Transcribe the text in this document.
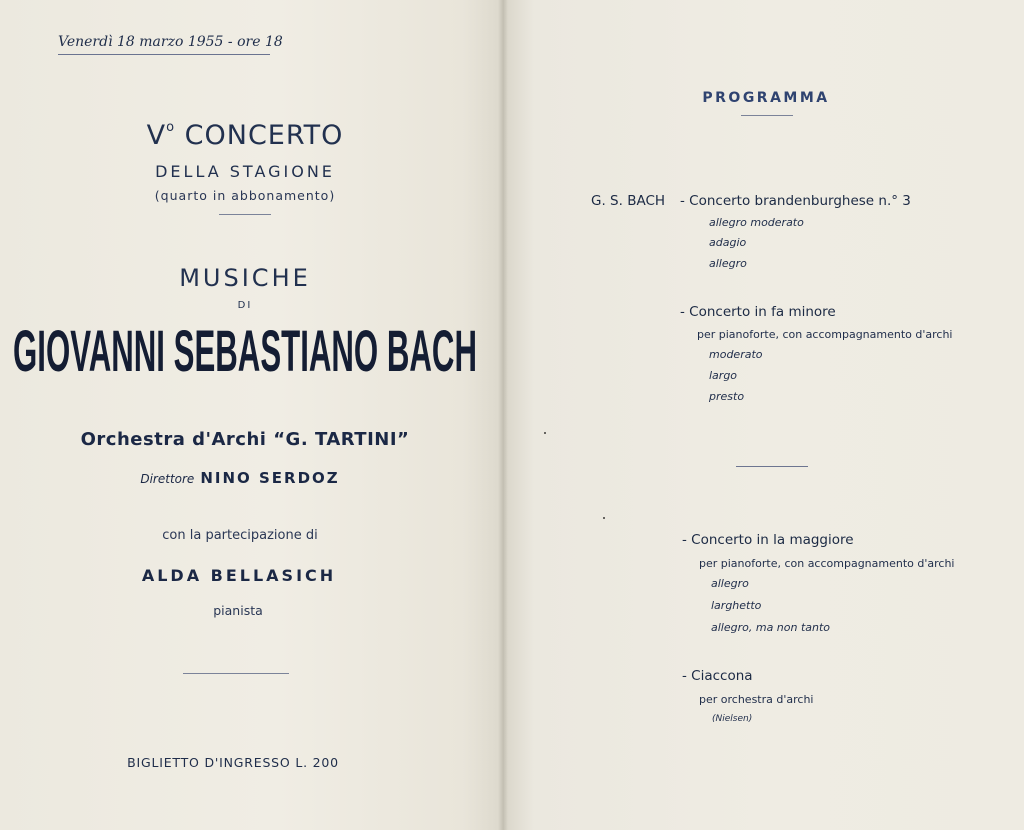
Venerdì 18 marzo 1955 - ore 18
$V^o$ CONCERTO
DELLA STAGIONE
(quarto in abbonamento)
MUSICHE
DI
GIOVANNI SEBASTIANO BACH
Orchestra d'Archi “G. TARTINI”
Direttore NINO SERDOZ
con la partecipazione di
ALDA BELLASICH
pianista
BIGLIETTO D'INGRESSO L. 200
PROGRAMMA
G. S. BACH - Concerto brandenburghese n.° 3
allegro moderato
adagio
allegro
- Concerto in fa minore
per pianoforte, con accompagnamento d'archi
moderato
largo
presto
- Concerto in la maggiore
per pianoforte, con accompagnamento d'archi
allegro
larghetto
allegro, ma non tanto
- Ciaccona
per orchestra d'archi
(Nielsen)
